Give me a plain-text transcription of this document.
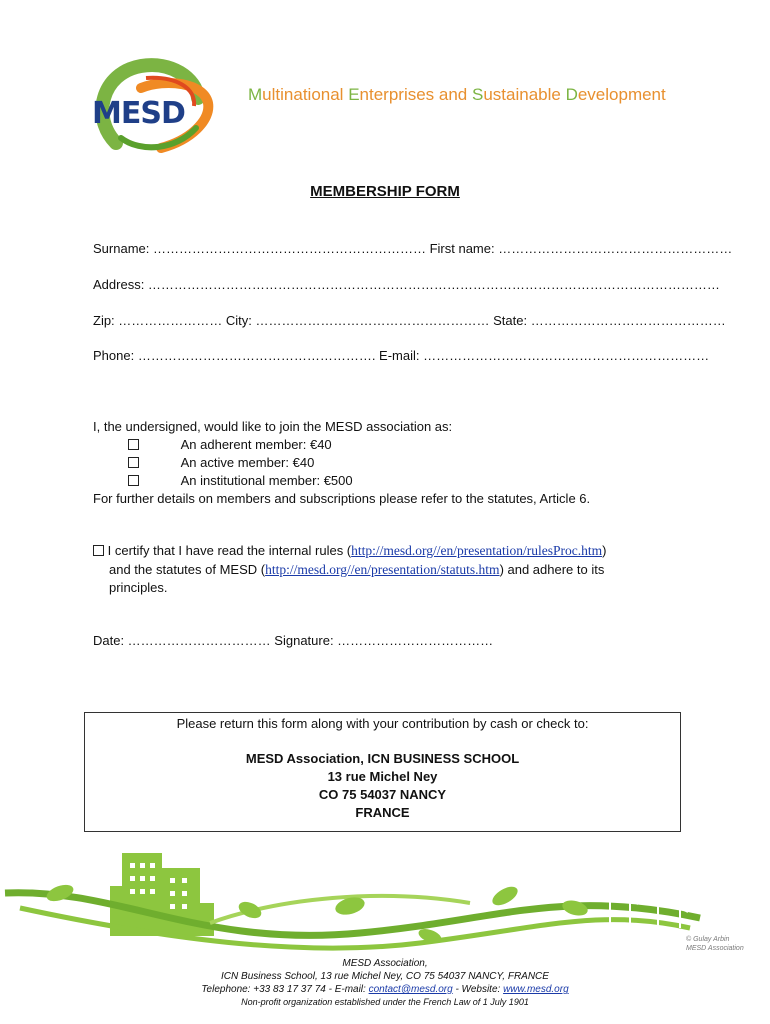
MESD
Multinational Enterprises and Sustainable Development
MEMBERSHIP FORM
Surname: ……………………………………………………… First name: ………………………………………………
Address: ……………………………………………………………………………………………………………………
Zip: …………………… City: ……………………………………………… State: ………………………………………
Phone: ………………………………………………. E-mail: …………………………………………………………
I, the undersigned, would like to join the MESD association as:
An adherent member: €40
An active member: €40
An institutional member: €500
For further details on members and subscriptions please refer to the statutes, Article 6.
I certify that I have read the internal rules (http://mesd.org//en/presentation/rulesProc.htm)
and the statutes of MESD (http://mesd.org//en/presentation/statuts.htm) and adhere to its
principles.
Date: …………………………… Signature: ………………………………
Please return this form along with your contribution by cash or check to:
MESD Association, ICN BUSINESS SCHOOL
13 rue Michel Ney
CO 75 54037 NANCY
FRANCE
© Gulay Arbin
MESD Association
MESD Association,
ICN Business School, 13 rue Michel Ney, CO 75 54037 NANCY, FRANCE
Telephone: +33 83 17 37 74 - E-mail: contact@mesd.org - Website: www.mesd.org
Non-profit organization established under the French Law of 1 July 1901
